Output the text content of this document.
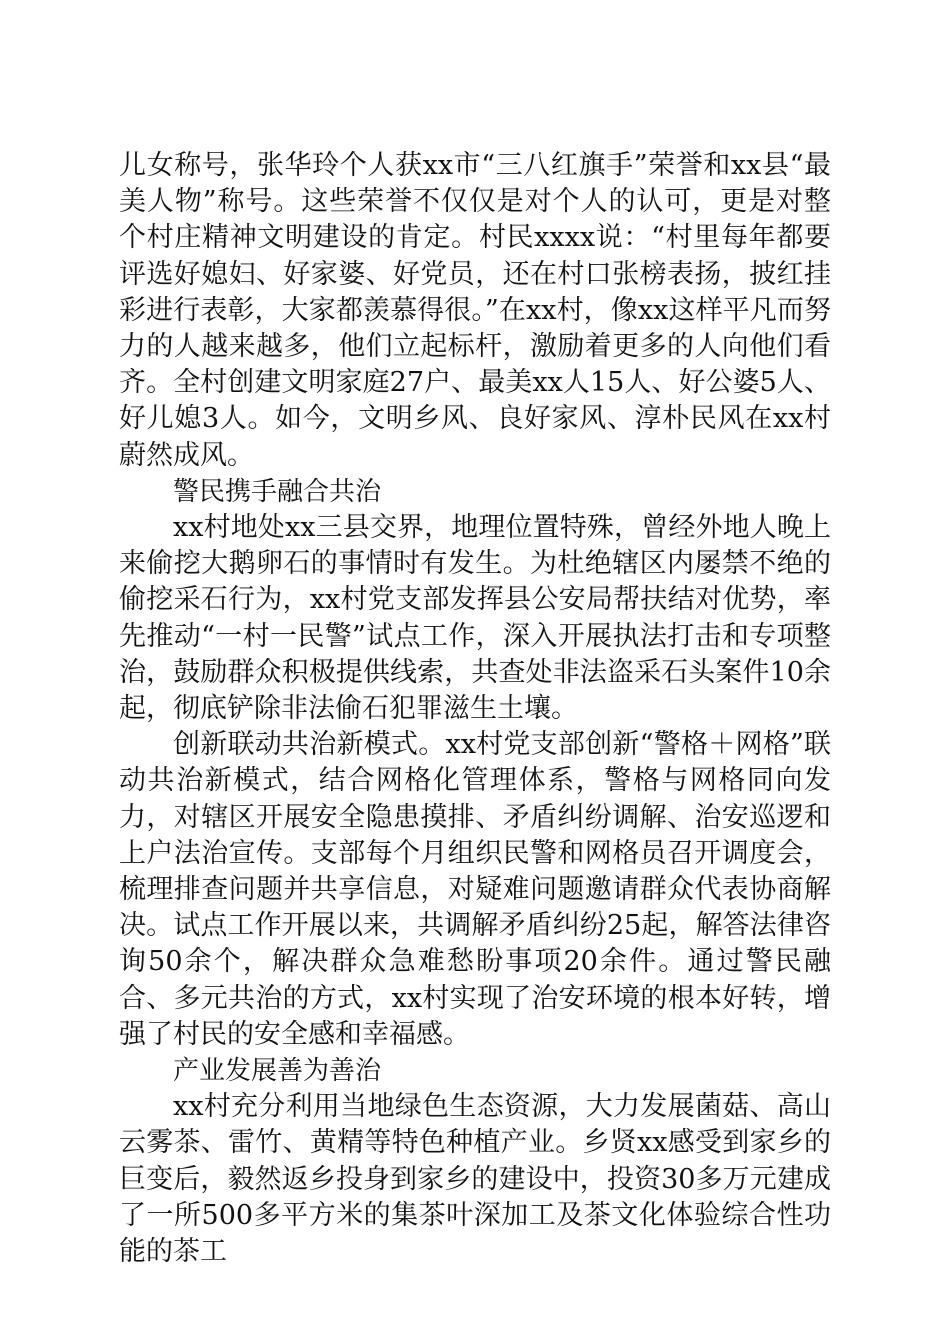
儿女称号，张华玲个人获xx市“三八红旗手”荣誉和xx县“最美人物”称号。这些荣誉不仅仅是对个人的认可，更是对整个村庄精神文明建设的肯定。村民xxxx说：“村里每年都要评选好媳妇、好家婆、好党员，还在村口张榜表扬，披红挂彩进行表彰，大家都羡慕得很。”在xx村，像xx这样平凡而努力的人越来越多，他们立起标杆，激励着更多的人向他们看齐。全村创建文明家庭27户、最美xx人15人、好公婆5人、好儿媳3人。如今，文明乡风、良好家风、淳朴民风在xx村蔚然成风。

警民携手融合共治

xx村地处xx三县交界，地理位置特殊，曾经外地人晚上来偷挖大鹅卵石的事情时有发生。为杜绝辖区内屡禁不绝的偷挖采石行为，xx村党支部发挥县公安局帮扶结对优势，率先推动“一村一民警”试点工作，深入开展执法打击和专项整治，鼓励群众积极提供线索，共查处非法盗采石头案件10余起，彻底铲除非法偷石犯罪滋生土壤。

创新联动共治新模式。xx村党支部创新“警格＋网格”联动共治新模式，结合网格化管理体系，警格与网格同向发力，对辖区开展安全隐患摸排、矛盾纠纷调解、治安巡逻和上户法治宣传。支部每个月组织民警和网格员召开调度会，梳理排查问题并共享信息，对疑难问题邀请群众代表协商解决。试点工作开展以来，共调解矛盾纠纷25起，解答法律咨询50余个，解决群众急难愁盼事项20余件。通过警民融合、多元共治的方式，xx村实现了治安环境的根本好转，增强了村民的安全感和幸福感。

产业发展善为善治

xx村充分利用当地绿色生态资源，大力发展菌菇、高山云雾茶、雷竹、黄精等特色种植产业。乡贤xx感受到家乡的巨变后，毅然返乡投身到家乡的建设中，投资30多万元建成了一所500多平方米的集茶叶深加工及茶文化体验综合性功能的茶工
